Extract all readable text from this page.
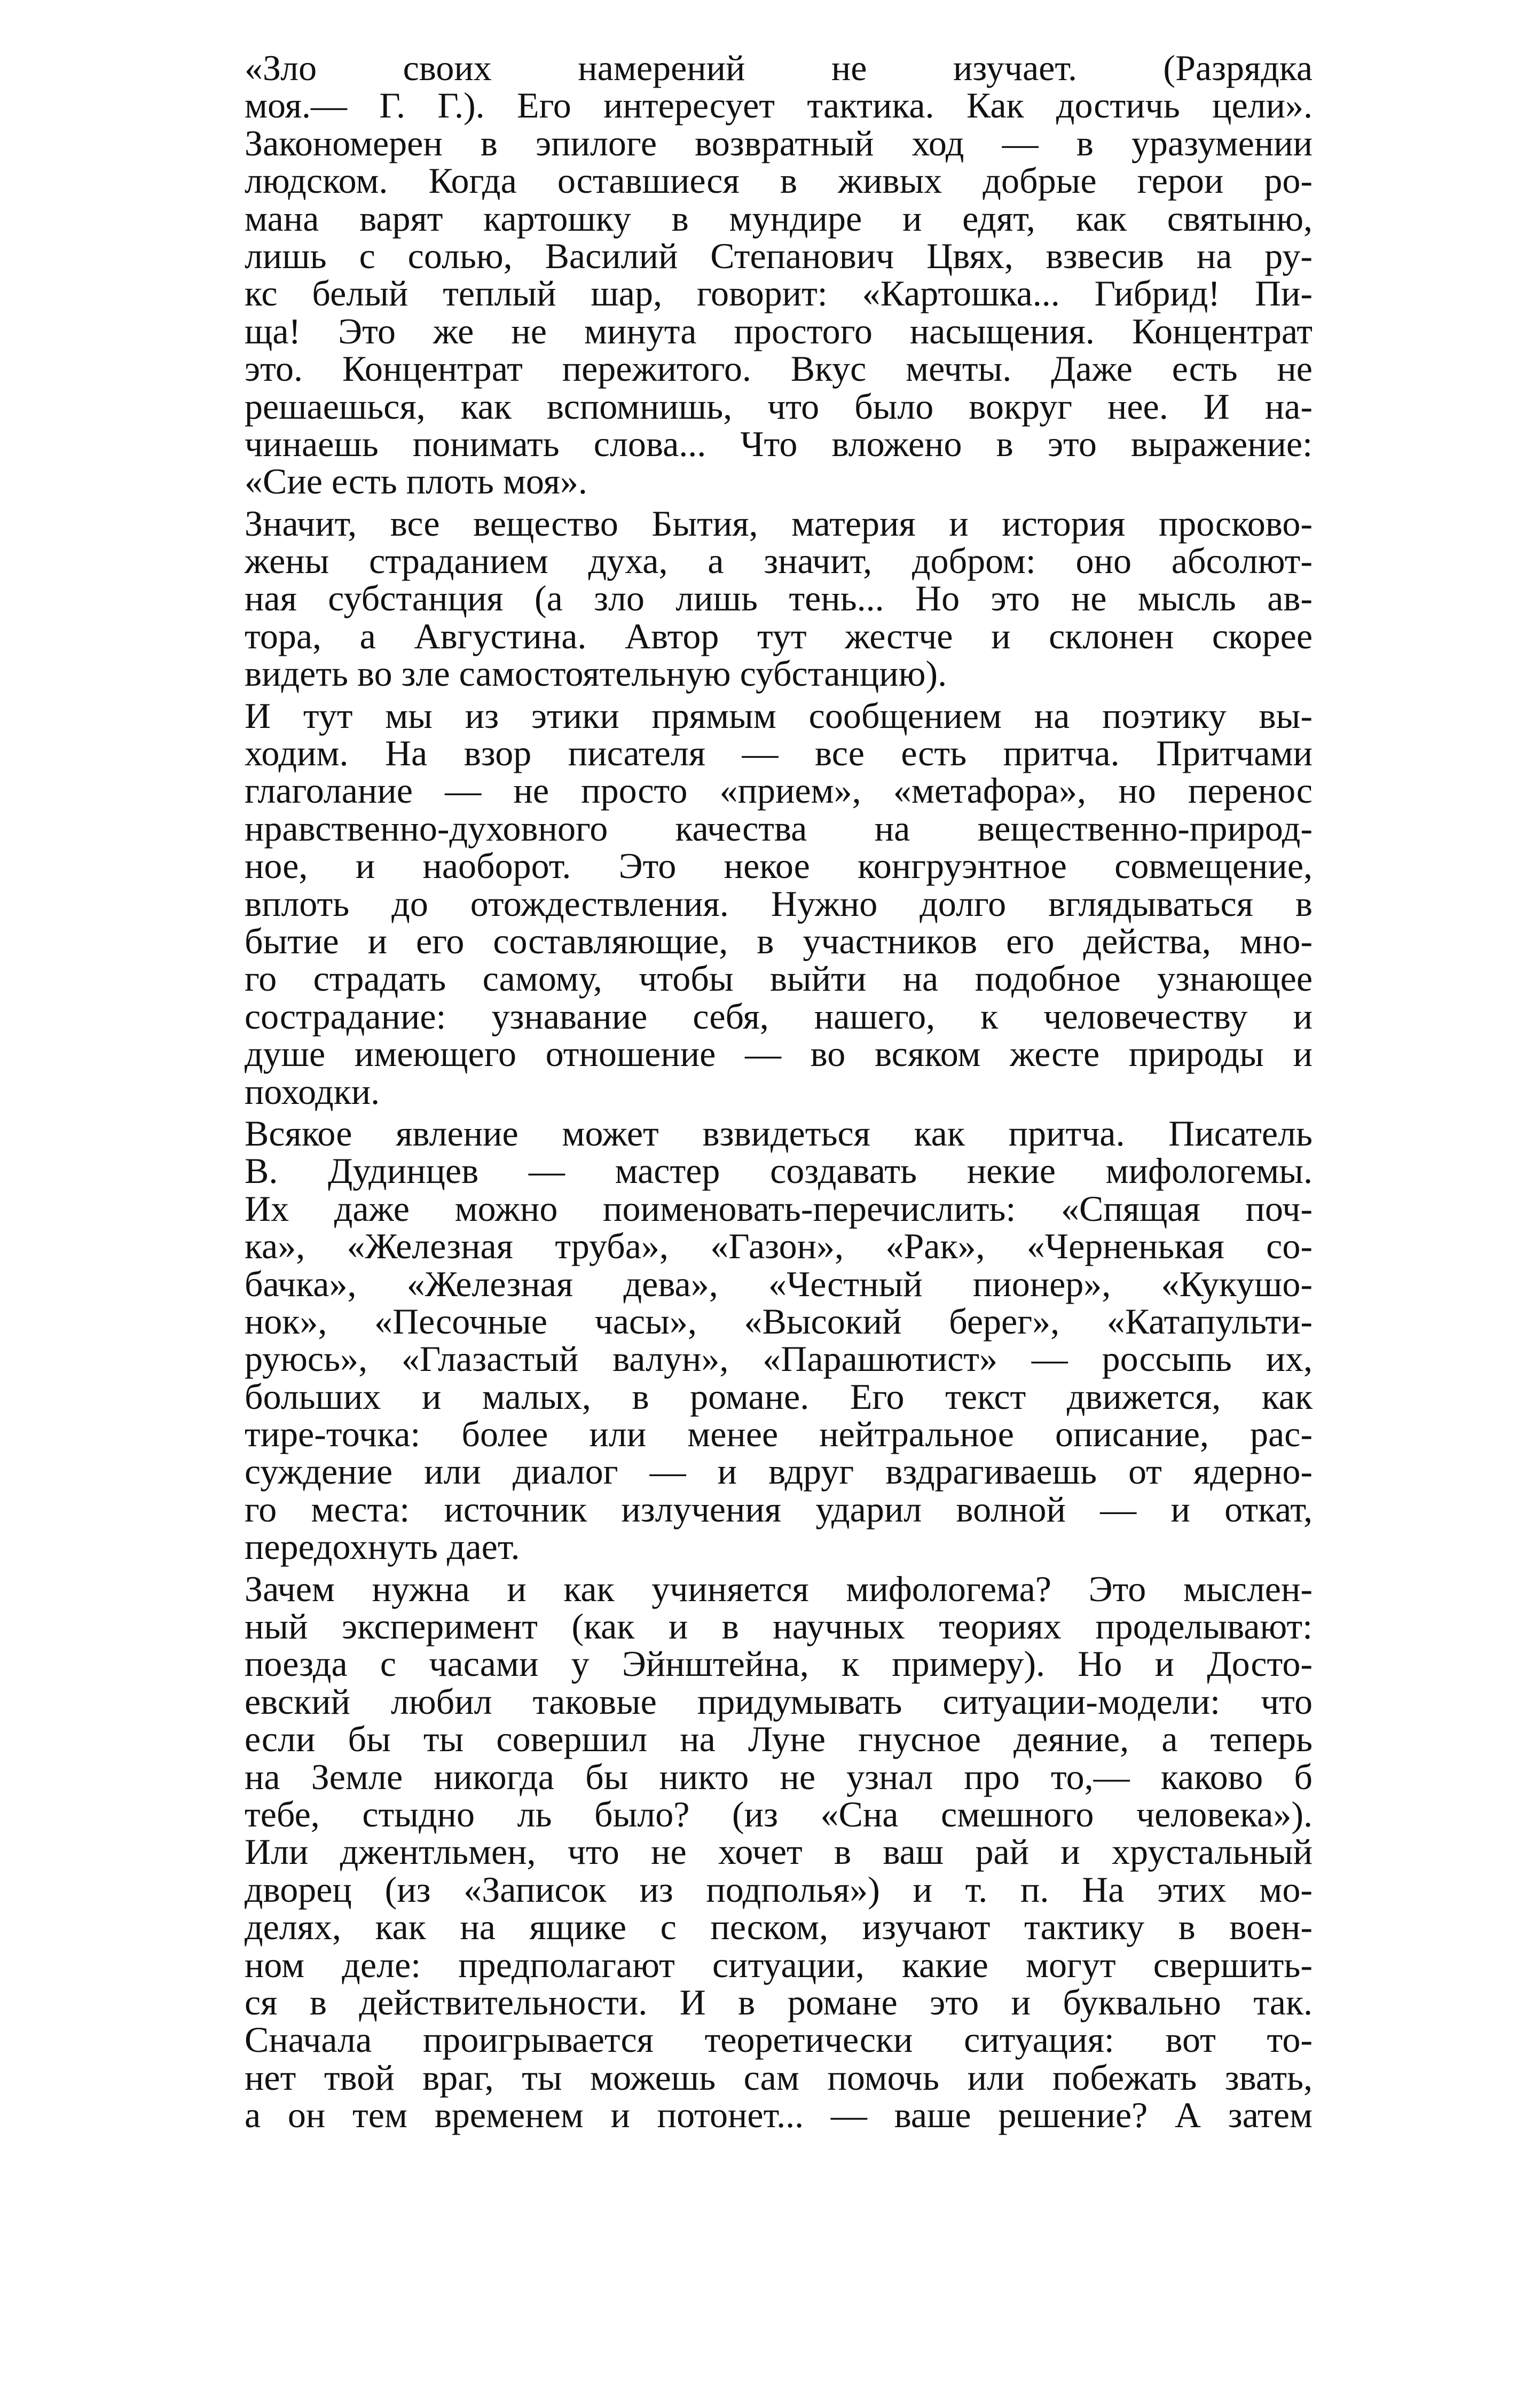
«Зло своих намерений не изучает. (Разрядка
моя.— Г. Г.). Его интересует тактика. Как достичь цели».
Закономерен в эпилоге возвратный ход — в уразумении
людском. Когда оставшиеся в живых добрые герои ро-
мана варят картошку в мундире и едят, как святыню,
лишь с солью, Василий Степанович Цвях, взвесив на ру-
кс белый теплый шар, говорит: «Картошка... Гибрид! Пи-
ща! Это же не минута простого насыщения. Концентрат
это. Концентрат пережитого. Вкус мечты. Даже есть не
решаешься, как вспомнишь, что было вокруг нее. И на-
чинаешь понимать слова... Что вложено в это выражение:
«Сие есть плоть моя».
Значит, все вещество Бытия, материя и история просково-
жены страданием духа, а значит, добром: оно абсолют-
ная субстанция (а зло лишь тень... Но это не мысль ав-
тора, а Августина. Автор тут жестче и склонен скорее
видеть во зле самостоятельную субстанцию).
И тут мы из этики прямым сообщением на поэтику вы-
ходим. На взор писателя — все есть притча. Притчами
глаголание — не просто «прием», «метафора», но перенос
нравственно-духовного качества на вещественно-природ-
ное, и наоборот. Это некое конгруэнтное совмещение,
вплоть до отождествления. Нужно долго вглядываться в
бытие и его составляющие, в участников его действа, мно-
го страдать самому, чтобы выйти на подобное узнающее
сострадание: узнавание себя, нашего, к человечеству и
душе имеющего отношение — во всяком жесте природы и
походки.
Всякое явление может взвидеться как притча. Писатель
В. Дудинцев — мастер создавать некие мифологемы.
Их даже можно поименовать-перечислить: «Спящая поч-
ка», «Железная труба», «Газон», «Рак», «Черненькая со-
бачка», «Железная дева», «Честный пионер», «Кукушо-
нок», «Песочные часы», «Высокий берег», «Катапульти-
руюсь», «Глазастый валун», «Парашютист» — россыпь их,
больших и малых, в романе. Его текст движется, как
тире-точка: более или менее нейтральное описание, рас-
суждение или диалог — и вдруг вздрагиваешь от ядерно-
го места: источник излучения ударил волной — и откат,
передохнуть дает.
Зачем нужна и как учиняется мифологема? Это мыслен-
ный эксперимент (как и в научных теориях проделывают:
поезда с часами у Эйнштейна, к примеру). Но и Досто-
евский любил таковые придумывать ситуации-модели: что
если бы ты совершил на Луне гнусное деяние, а теперь
на Земле никогда бы никто не узнал про то,— каково б
тебе, стыдно ль было? (из «Сна смешного человека»).
Или джентльмен, что не хочет в ваш рай и хрустальный
дворец (из «Записок из подполья») и т. п. На этих мо-
делях, как на ящике с песком, изучают тактику в воен-
ном деле: предполагают ситуации, какие могут свершить-
ся в действительности. И в романе это и буквально так.
Сначала проигрывается теоретически ситуация: вот то-
нет твой враг, ты можешь сам помочь или побежать звать,
а он тем временем и потонет... — ваше решение? А затем
